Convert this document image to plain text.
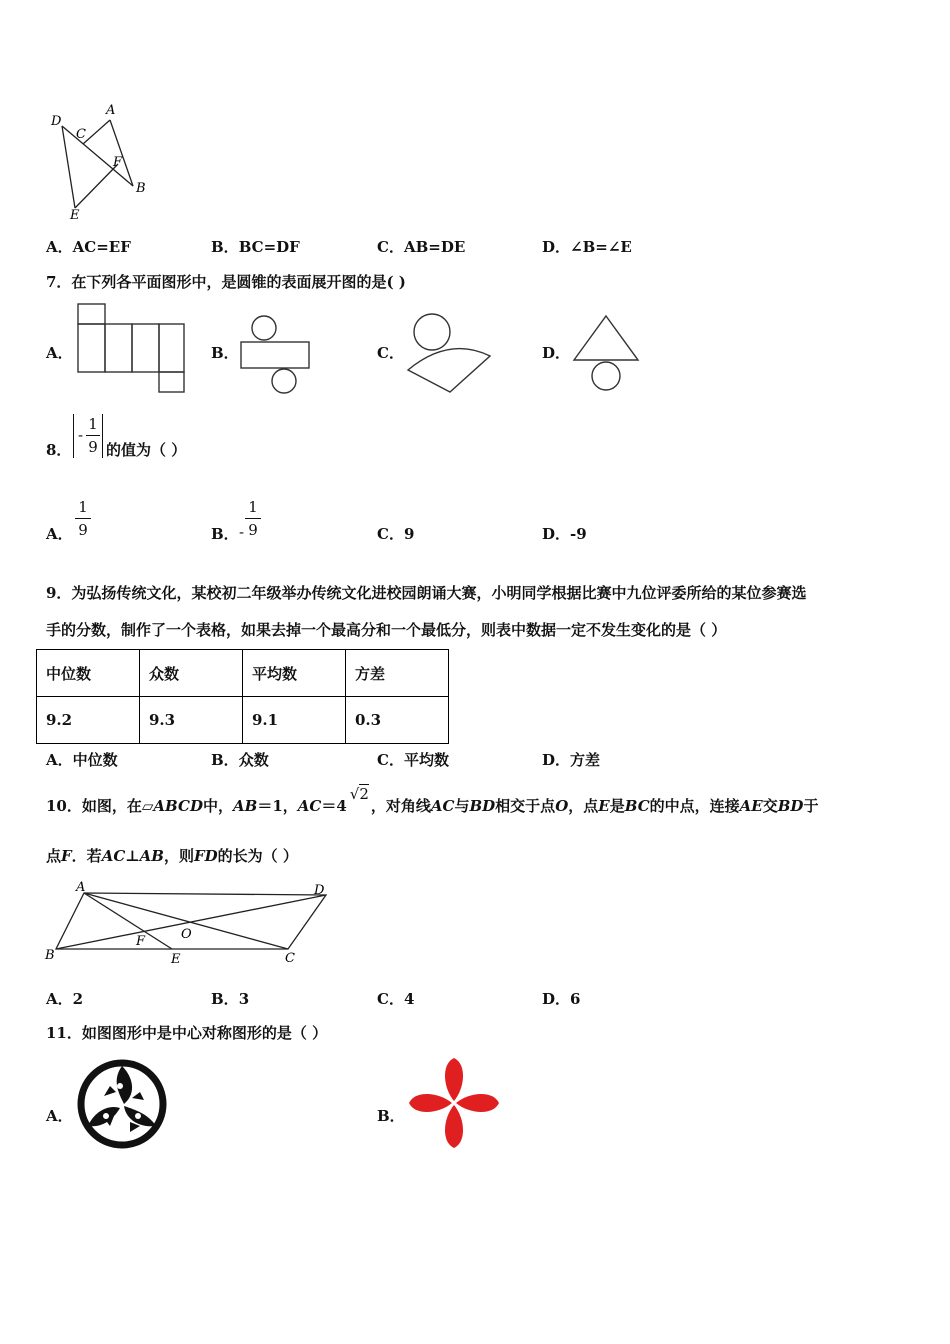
D
C
A
F
B
E
A．AC=EF	B．BC=DF	C．AB=DE	D．∠B=∠E
7．在下列各平面图形中，是圆锥的表面展开图的是( )
A．	B．	C．	D．
8．
-
1
9 的值为（ ）
A．
1
9	B． -
1
9	C．9	D．-9
9．为弘扬传统文化，某校初二年级举办传统文化进校园朗诵大赛，小明同学根据比赛中九位评委所给的某位参赛选
手的分数，制作了一个表格，如果去掉一个最高分和一个最低分，则表中数据一定不发生变化的是（ ）
中位数	众数	平均数	方差
9.2	9.3	9.1	0.3
A．中位数	B．众数	C．平均数	D．方差
10．如图，在▱ABCD中，AB＝1，AC＝4√2，对角线AC与BD相交于点O，点E是BC的中点，连接AE交BD于
点F．若AC⊥AB，则FD的长为（ ）
A	D
F	O
B	E	C
A．2	B．3	C．4	D．6
11．如图图形中是中心对称图形的是（ ）
A．	B．
